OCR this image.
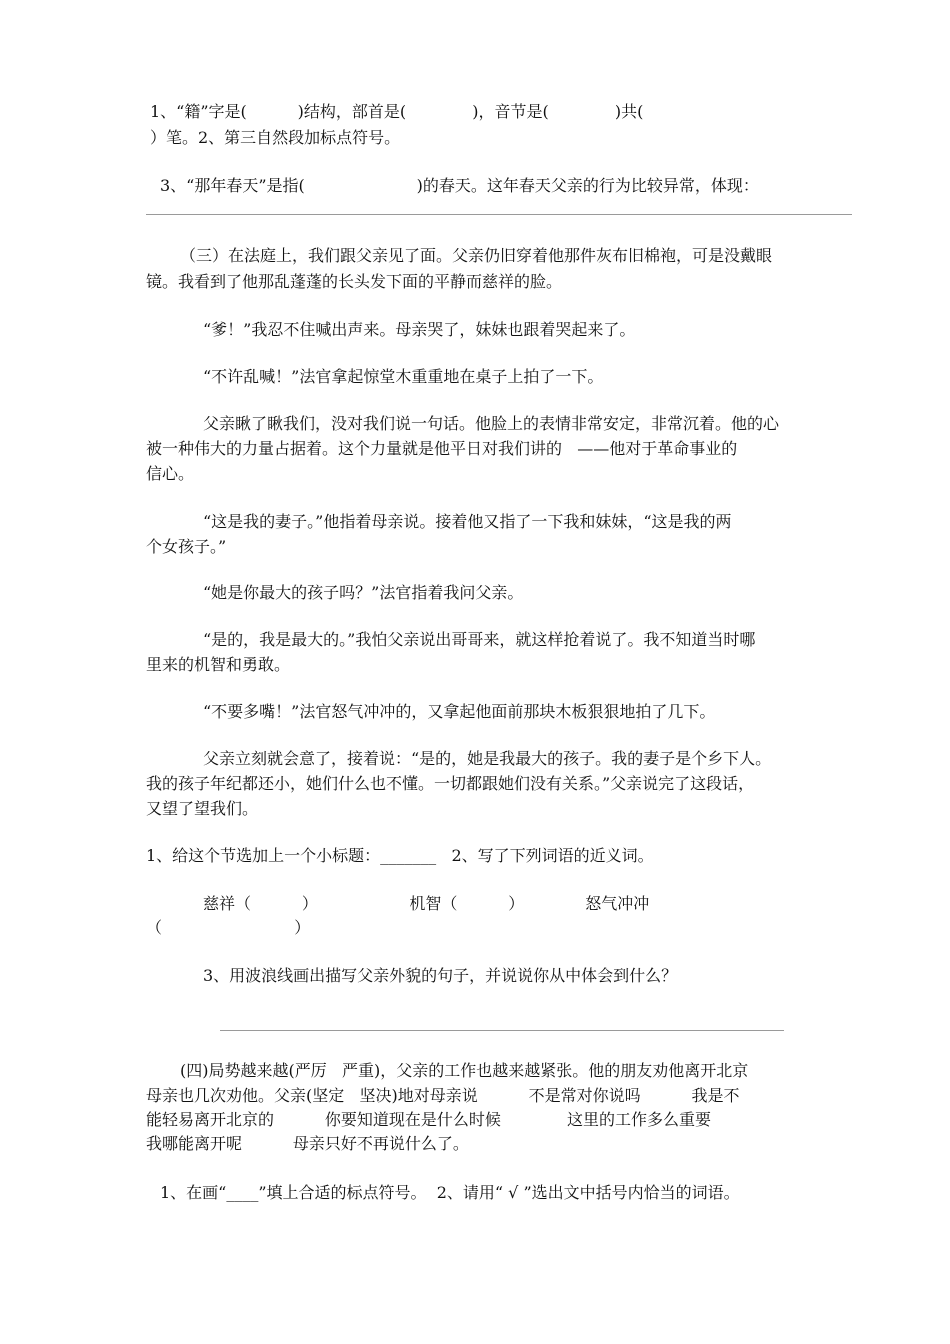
1、“籍”字是(          )结构，部首是(             )，音节是(             )共(
）笔。2、第三自然段加标点符号。
3、“那年春天”是指(                      )的春天。这年春天父亲的行为比较异常，体现：
（三）在法庭上，我们跟父亲见了面。父亲仍旧穿着他那件灰布旧棉袍，可是没戴眼
镜。我看到了他那乱蓬蓬的长头发下面的平静而慈祥的脸。
“爹！”我忍不住喊出声来。母亲哭了，妹妹也跟着哭起来了。
“不许乱喊！”法官拿起惊堂木重重地在桌子上拍了一下。
父亲瞅了瞅我们，没对我们说一句话。他脸上的表情非常安定，非常沉着。他的心
被一种伟大的力量占据着。这个力量就是他平日对我们讲的   ——他对于革命事业的
信心。
“这是我的妻子。”他指着母亲说。接着他又指了一下我和妹妹，“这是我的两
个女孩子。”
“她是你最大的孩子吗？”法官指着我问父亲。
“是的，我是最大的。”我怕父亲说出哥哥来，就这样抢着说了。我不知道当时哪
里来的机智和勇敢。
“不要多嘴！”法官怒气冲冲的，又拿起他面前那块木板狠狠地拍了几下。
父亲立刻就会意了，接着说：“是的，她是我最大的孩子。我的妻子是个乡下人。
我的孩子年纪都还小，她们什么也不懂。一切都跟她们没有关系。”父亲说完了这段话，
又望了望我们。
1、给这个节选加上一个小标题：_______   2、写了下列词语的近义词。
慈祥（          ）                  机智（          ）            怒气冲冲
（                          ）
3、用波浪线画出描写父亲外貌的句子，并说说你从中体会到什么？
(四)局势越来越(严厉   严重)，父亲的工作也越来越紧张。他的朋友劝他离开北京
母亲也几次劝他。父亲(坚定   坚决)地对母亲说          不是常对你说吗          我是不
能轻易离开北京的          你要知道现在是什么时候             这里的工作多么重要
我哪能离开呢          母亲只好不再说什么了。
1、在画“____”填上合适的标点符号。  2、请用“ √ ”选出文中括号内恰当的词语。
